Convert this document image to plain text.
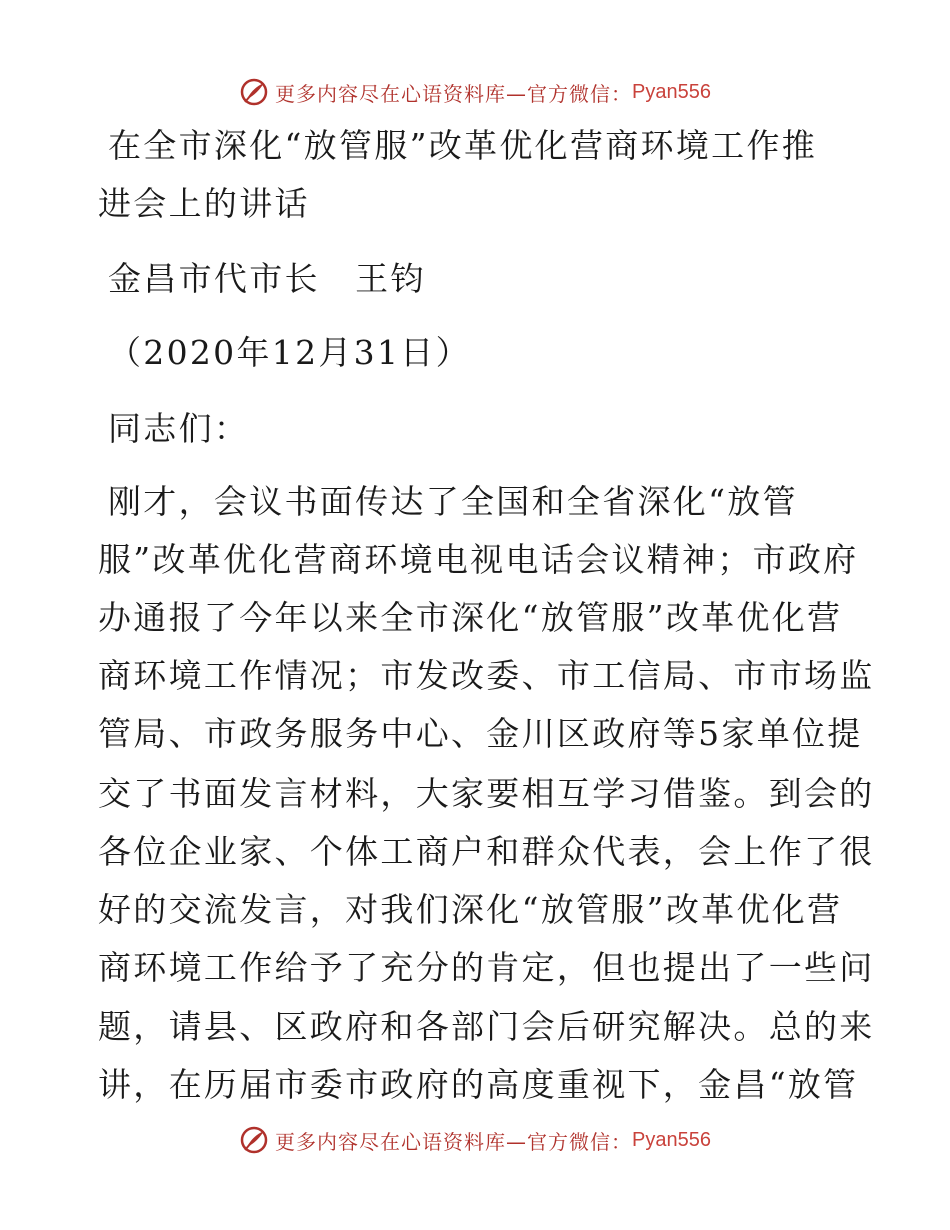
更多内容尽在心语资料库—官方微信： Pyan556
在全市深化“放管服”改革优化营商环境工作推
进会上的讲话
金昌市代市长　王钧
（2020年12月31日）
同志们：
刚才，会议书面传达了全国和全省深化“放管
服”改革优化营商环境电视电话会议精神；市政府
办通报了今年以来全市深化“放管服”改革优化营
商环境工作情况；市发改委、市工信局、市市场监
管局、市政务服务中心、金川区政府等5家单位提
交了书面发言材料，大家要相互学习借鉴。到会的
各位企业家、个体工商户和群众代表，会上作了很
好的交流发言，对我们深化“放管服”改革优化营
商环境工作给予了充分的肯定，但也提出了一些问
题，请县、区政府和各部门会后研究解决。总的来
讲，在历届市委市政府的高度重视下，金昌“放管
更多内容尽在心语资料库—官方微信： Pyan556
